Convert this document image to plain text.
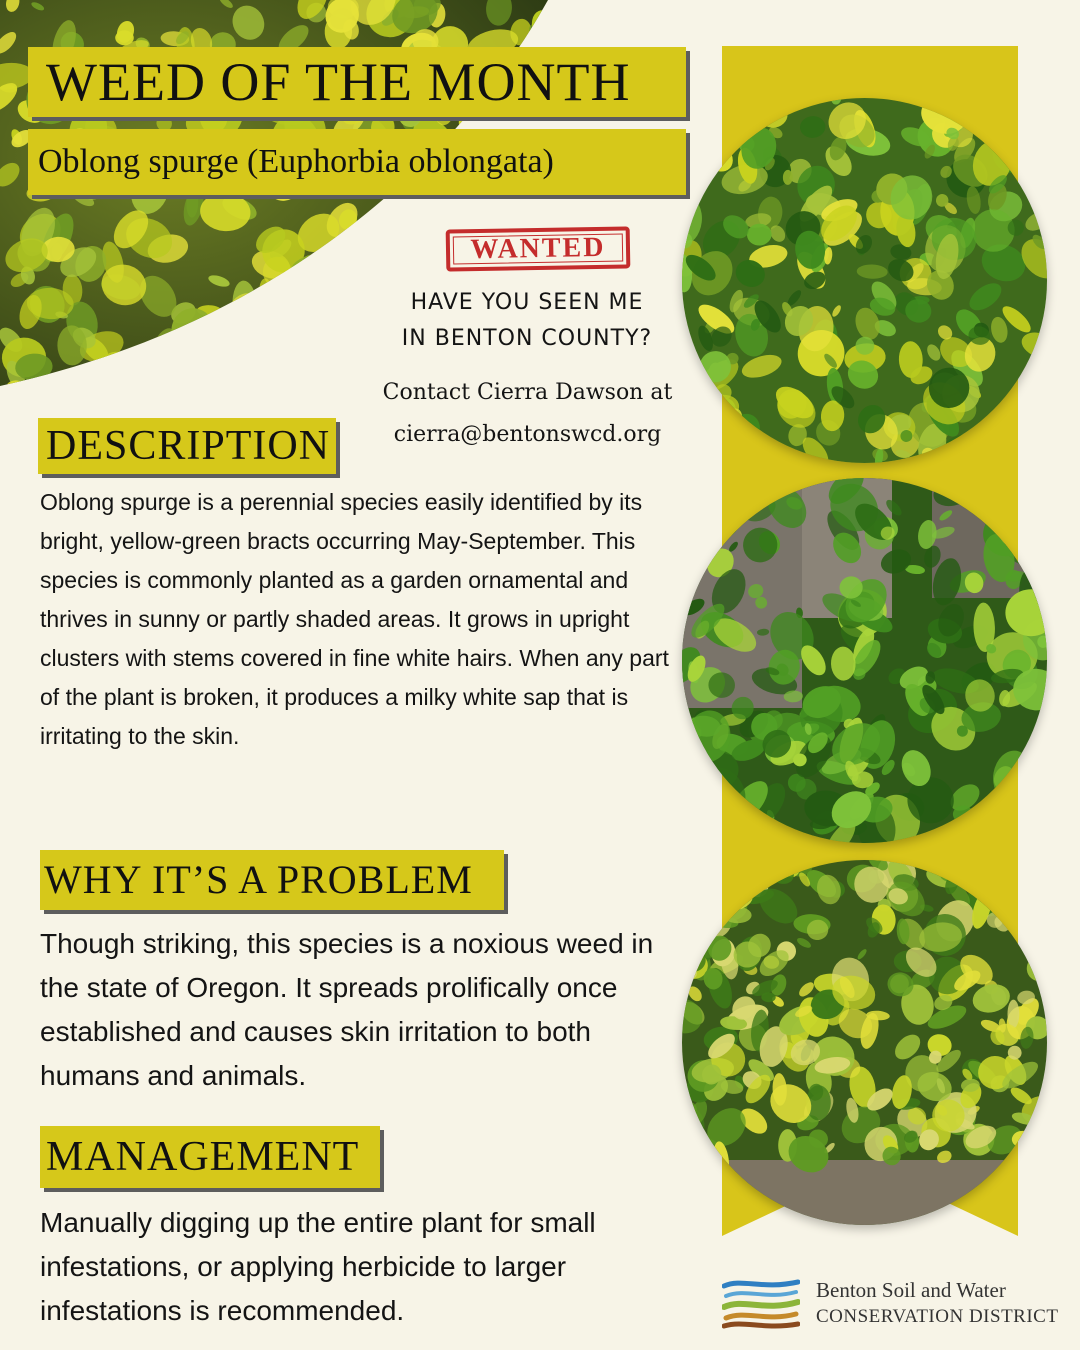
WEED OF THE MONTH
Oblong spurge (Euphorbia oblongata)
WANTED
HAVE YOU SEEN ME
IN BENTON COUNTY?
Contact Cierra Dawson at
cierra@bentonswcd.org
DESCRIPTION
Oblong spurge is a perennial species easily identified by its bright, yellow-green bracts occurring May-September. This species is commonly planted as a garden ornamental and thrives in sunny or partly shaded areas. It grows in upright clusters with stems covered in fine white hairs. When any part of the plant is broken, it produces a milky white sap that is irritating to the skin.
WHY IT’S A PROBLEM
Though striking, this species is a noxious weed in the state of Oregon. It spreads prolifically once established and causes skin irritation to both humans and animals.
MANAGEMENT
Manually digging up the entire plant for small infestations, or applying herbicide to larger infestations is recommended.
Benton Soil and Water
CONSERVATION DISTRICT
